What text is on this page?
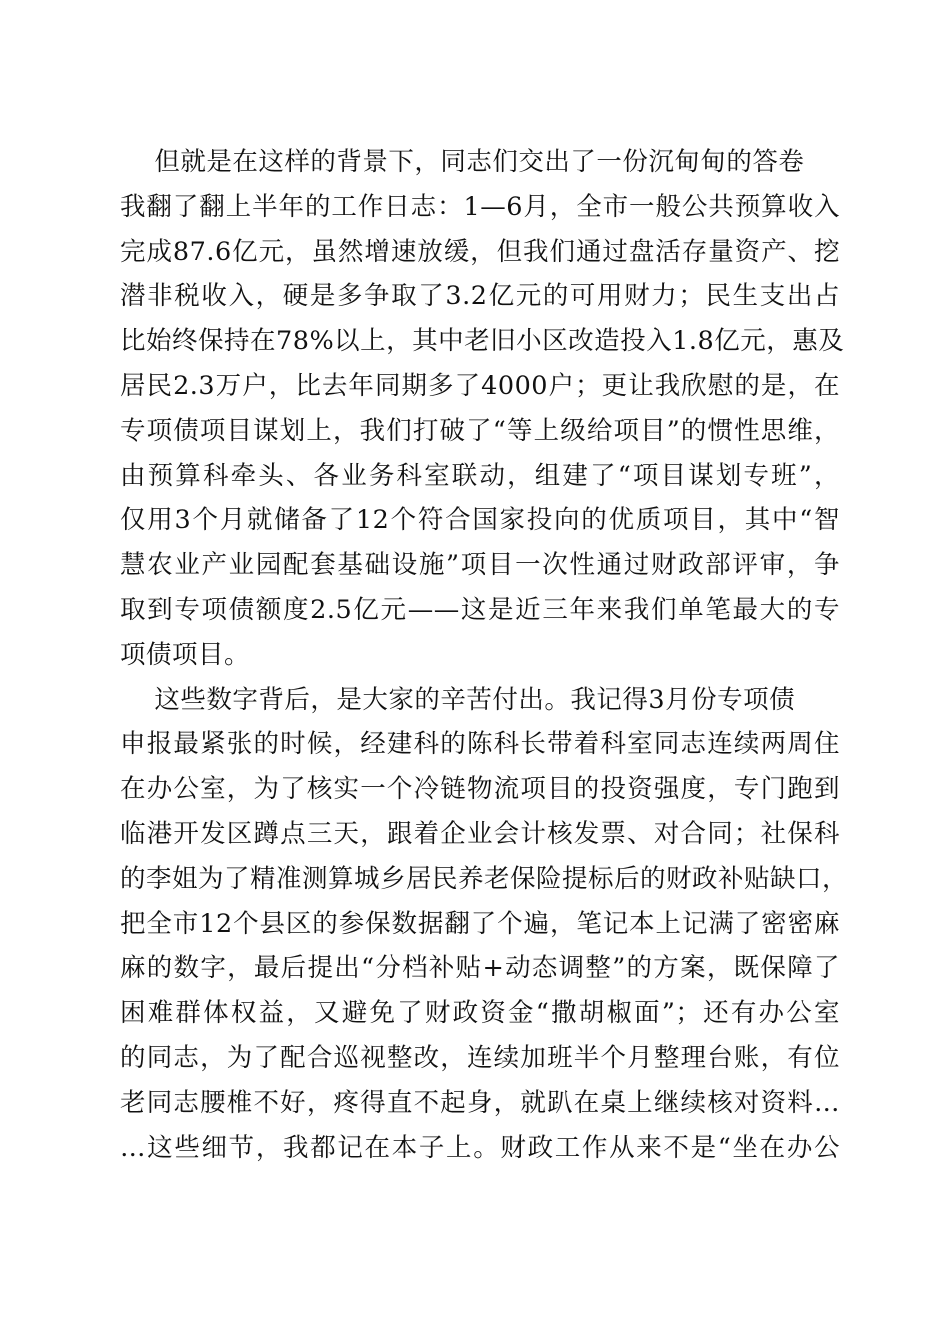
但就是在这样的背景下，同志们交出了一份沉甸甸的答卷
我翻了翻上半年的工作日志：1—6月，全市一般公共预算收入
完成87.6亿元，虽然增速放缓，但我们通过盘活存量资产、挖
潜非税收入，硬是多争取了3.2亿元的可用财力；民生支出占
比始终保持在78%以上，其中老旧小区改造投入1.8亿元，惠及
居民2.3万户，比去年同期多了4000户；更让我欣慰的是，在
专项债项目谋划上，我们打破了“等上级给项目”的惯性思维，
由预算科牵头、各业务科室联动，组建了“项目谋划专班”，
仅用3个月就储备了12个符合国家投向的优质项目，其中“智
慧农业产业园配套基础设施”项目一次性通过财政部评审，争
取到专项债额度2.5亿元——这是近三年来我们单笔最大的专
项债项目。
这些数字背后，是大家的辛苦付出。我记得3月份专项债
申报最紧张的时候，经建科的陈科长带着科室同志连续两周住
在办公室，为了核实一个冷链物流项目的投资强度，专门跑到
临港开发区蹲点三天，跟着企业会计核发票、对合同；社保科
的李姐为了精准测算城乡居民养老保险提标后的财政补贴缺口，
把全市12个县区的参保数据翻了个遍，笔记本上记满了密密麻
麻的数字，最后提出“分档补贴+动态调整”的方案，既保障了
困难群体权益，又避免了财政资金“撒胡椒面”；还有办公室
的同志，为了配合巡视整改，连续加班半个月整理台账，有位
老同志腰椎不好，疼得直不起身，就趴在桌上继续核对资料…
…这些细节，我都记在本子上。财政工作从来不是“坐在办公
